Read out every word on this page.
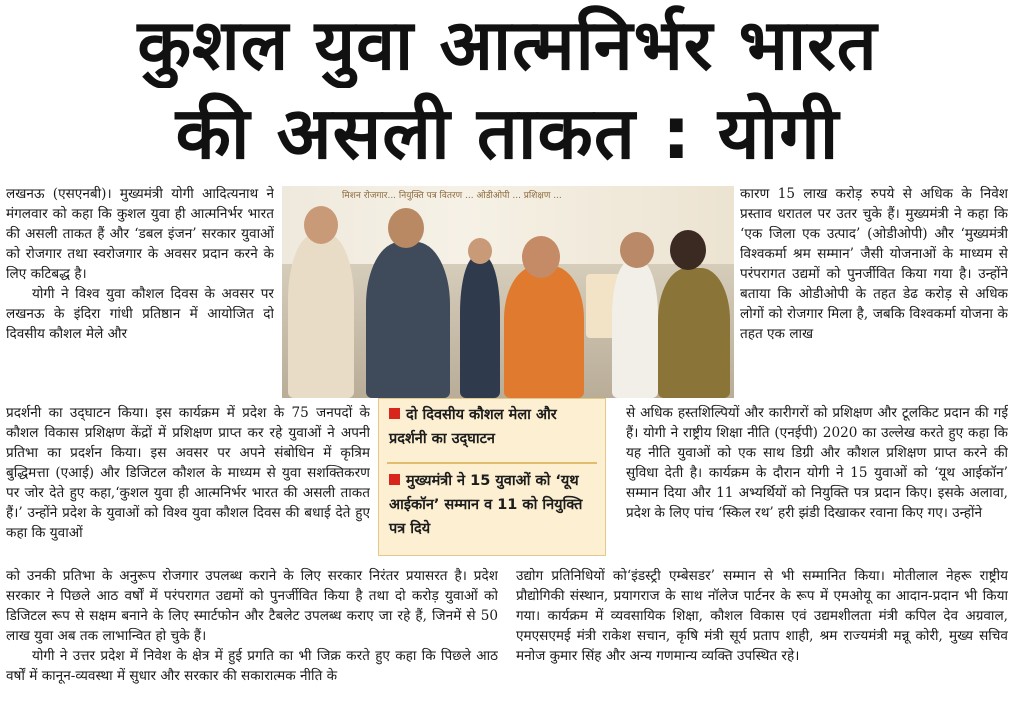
कुशल युवा आत्मनिर्भर भारत
की असली ताकत : योगी

लखनऊ (एसएनबी)। मुख्यमंत्री योगी आदित्यनाथ ने मंगलवार को कहा कि कुशल युवा ही आत्मनिर्भर भारत की असली ताकत हैं और ‘डबल इंजन’ सरकार युवाओं को रोजगार तथा स्वरोजगार के अवसर प्रदान करने के लिए कटिबद्ध है।

योगी ने विश्व युवा कौशल दिवस के अवसर पर लखनऊ के इंदिरा गांधी प्रतिष्ठान में आयोजित दो दिवसीय कौशल मेले और

मिशन रोजगार... नियुक्ति पत्र वितरण ... ओडीओपी ... प्रशिक्षण ...

प्रदर्शनी का उद्‌घाटन किया। इस कार्यक्रम में प्रदेश के 75 जनपदों के कौशल विकास प्रशिक्षण केंद्रों में प्रशिक्षण प्राप्त कर रहे युवाओं ने अपनी प्रतिभा का प्रदर्शन किया। इस अवसर पर अपने संबोधिन में कृत्रिम बुद्धिमत्ता (एआई) और डिजिटल कौशल के माध्यम से युवा सशक्तिकरण पर जोर देते हुए कहा,‘कुशल युवा ही आत्मनिर्भर भारत की असली ताकत हैं।’ उन्होंने प्रदेश के युवाओं को विश्व युवा कौशल दिवस की बधाई देते हुए कहा कि युवाओं

दो दिवसीय कौशल मेला और प्रदर्शनी का उद्‌घाटन
मुख्यमंत्री ने 15 युवाओं को ‘यूथ आईकॉन’ सम्मान व 11 को नियुक्ति पत्र दिये

को उनकी प्रतिभा के अनुरूप रोजगार उपलब्ध कराने के लिए सरकार निरंतर प्रयासरत है। प्रदेश सरकार ने पिछले आठ वर्षों में परंपरागत उद्यमों को पुनर्जीवित किया है तथा दो करोड़ युवाओं को डिजिटल रूप से सक्षम बनाने के लिए स्मार्टफोन और टैबलेट उपलब्ध कराए जा रहे हैं, जिनमें से 50 लाख युवा अब तक लाभान्वित हो चुके हैं।

योगी ने उत्तर प्रदेश में निवेश के क्षेत्र में हुई प्रगति का भी जिक्र करते हुए कहा कि पिछले आठ वर्षों में कानून-व्यवस्था में सुधार और सरकार की सकारात्मक नीति के

कारण 15 लाख करोड़ रुपये से अधिक के निवेश प्रस्ताव धरातल पर उतर चुके हैं। मुख्यमंत्री ने कहा कि ‘एक जिला एक उत्पाद’ (ओडीओपी) और ‘मुख्यमंत्री विश्वकर्मा श्रम सम्मान’ जैसी योजनाओं के माध्यम से परंपरागत उद्यमों को पुनर्जीवित किया गया है। उन्होंने बताया कि ओडीओपी के तहत डेढ करोड़ से अधिक लोगों को रोजगार मिला है, जबकि विश्वकर्मा योजना के तहत एक लाख

से अधिक हस्तशिल्पियों और कारीगरों को प्रशिक्षण और टूलकिट प्रदान की गई हैं। योगी ने राष्ट्रीय शिक्षा नीति (एनईपी) 2020 का उल्लेख करते हुए कहा कि यह नीति युवाओं को एक साथ डिग्री और कौशल प्रशिक्षण प्राप्त करने की सुविधा देती है। कार्यक्रम के दौरान योगी ने 15 युवाओं को ‘यूथ आईकॉन’ सम्मान दिया और 11 अभ्यर्थियों को नियुक्ति पत्र प्रदान किए। इसके अलावा, प्रदेश के लिए पांच ‘स्किल रथ’ हरी झंडी दिखाकर रवाना किए गए। उन्होंने

उद्योग प्रतिनिधियों को‘इंडस्ट्री एम्बेसडर’ सम्मान से भी सम्मानित किया। मोतीलाल नेहरू राष्ट्रीय प्रौद्योगिकी संस्थान, प्रयागराज के साथ नॉलेज पार्टनर के रूप में एमओयू का आदान-प्रदान भी किया गया। कार्यक्रम में व्यवसायिक शिक्षा, कौशल विकास एवं उद्यमशीलता मंत्री कपिल देव अग्रवाल, एमएसएमई मंत्री राकेश सचान, कृषि मंत्री सूर्य प्रताप शाही, श्रम राज्यमंत्री मन्नू कोरी, मुख्य सचिव मनोज कुमार सिंह और अन्य गणमान्य व्यक्ति उपस्थित रहे।
